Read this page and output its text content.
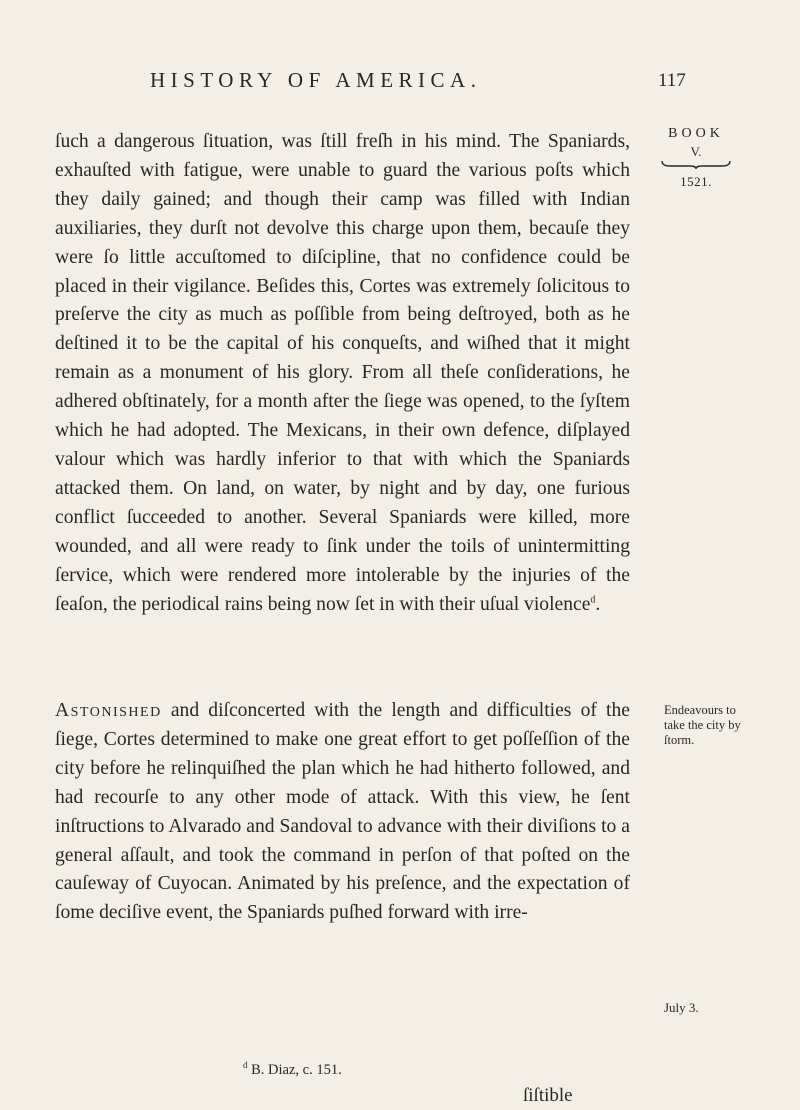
HISTORY OF AMERICA.	117
BOOK
V.
1521.

ſuch a dangerous ſituation, was ſtill freſh in his mind. The Spaniards, exhauſted with fatigue, were unable to guard the various poſts which they daily gained; and though their camp was filled with Indian auxiliaries, they durſt not devolve this charge upon them, becauſe they were ſo little accuſtomed to diſcipline, that no confidence could be placed in their vigilance. Beſides this, Cortes was extremely ſolicitous to preſerve the city as much as poſſible from being deſtroyed, both as he deſtined it to be the capital of his conqueſts, and wiſhed that it might remain as a monument of his glory. From all theſe conſiderations, he adhered obſtinately, for a month after the ſiege was opened, to the ſyſtem which he had adopted. The Mexicans, in their own defence, diſplayed valour which was hardly inferior to that with which the Spaniards attacked them. On land, on water, by night and by day, one furious conflict ſucceeded to another. Several Spaniards were killed, more wounded, and all were ready to ſink under the toils of unintermitting ſervice, which were rendered more intolerable by the injuries of the ſeaſon, the periodical rains being now ſet in with their uſual violence$^d$.

Astonished and diſconcerted with the length and difficulties of the ſiege, Cortes determined to make one great effort to get poſſeſſion of the city before he relinquiſhed the plan which he had hitherto followed, and had recourſe to any other mode of attack. With this view, he ſent inſtructions to Alvarado and Sandoval to advance with their diviſions to a general aſſault, and took the command in perſon of that poſted on the cauſeway of Cuyocan. Animated by his preſence, and the expectation of ſome deciſive event, the Spaniards puſhed forward with irre-

Endeavours to take the city by ſtorm.
July 3.
$^d$ B. Diaz, c. 151.
ſiſtible
